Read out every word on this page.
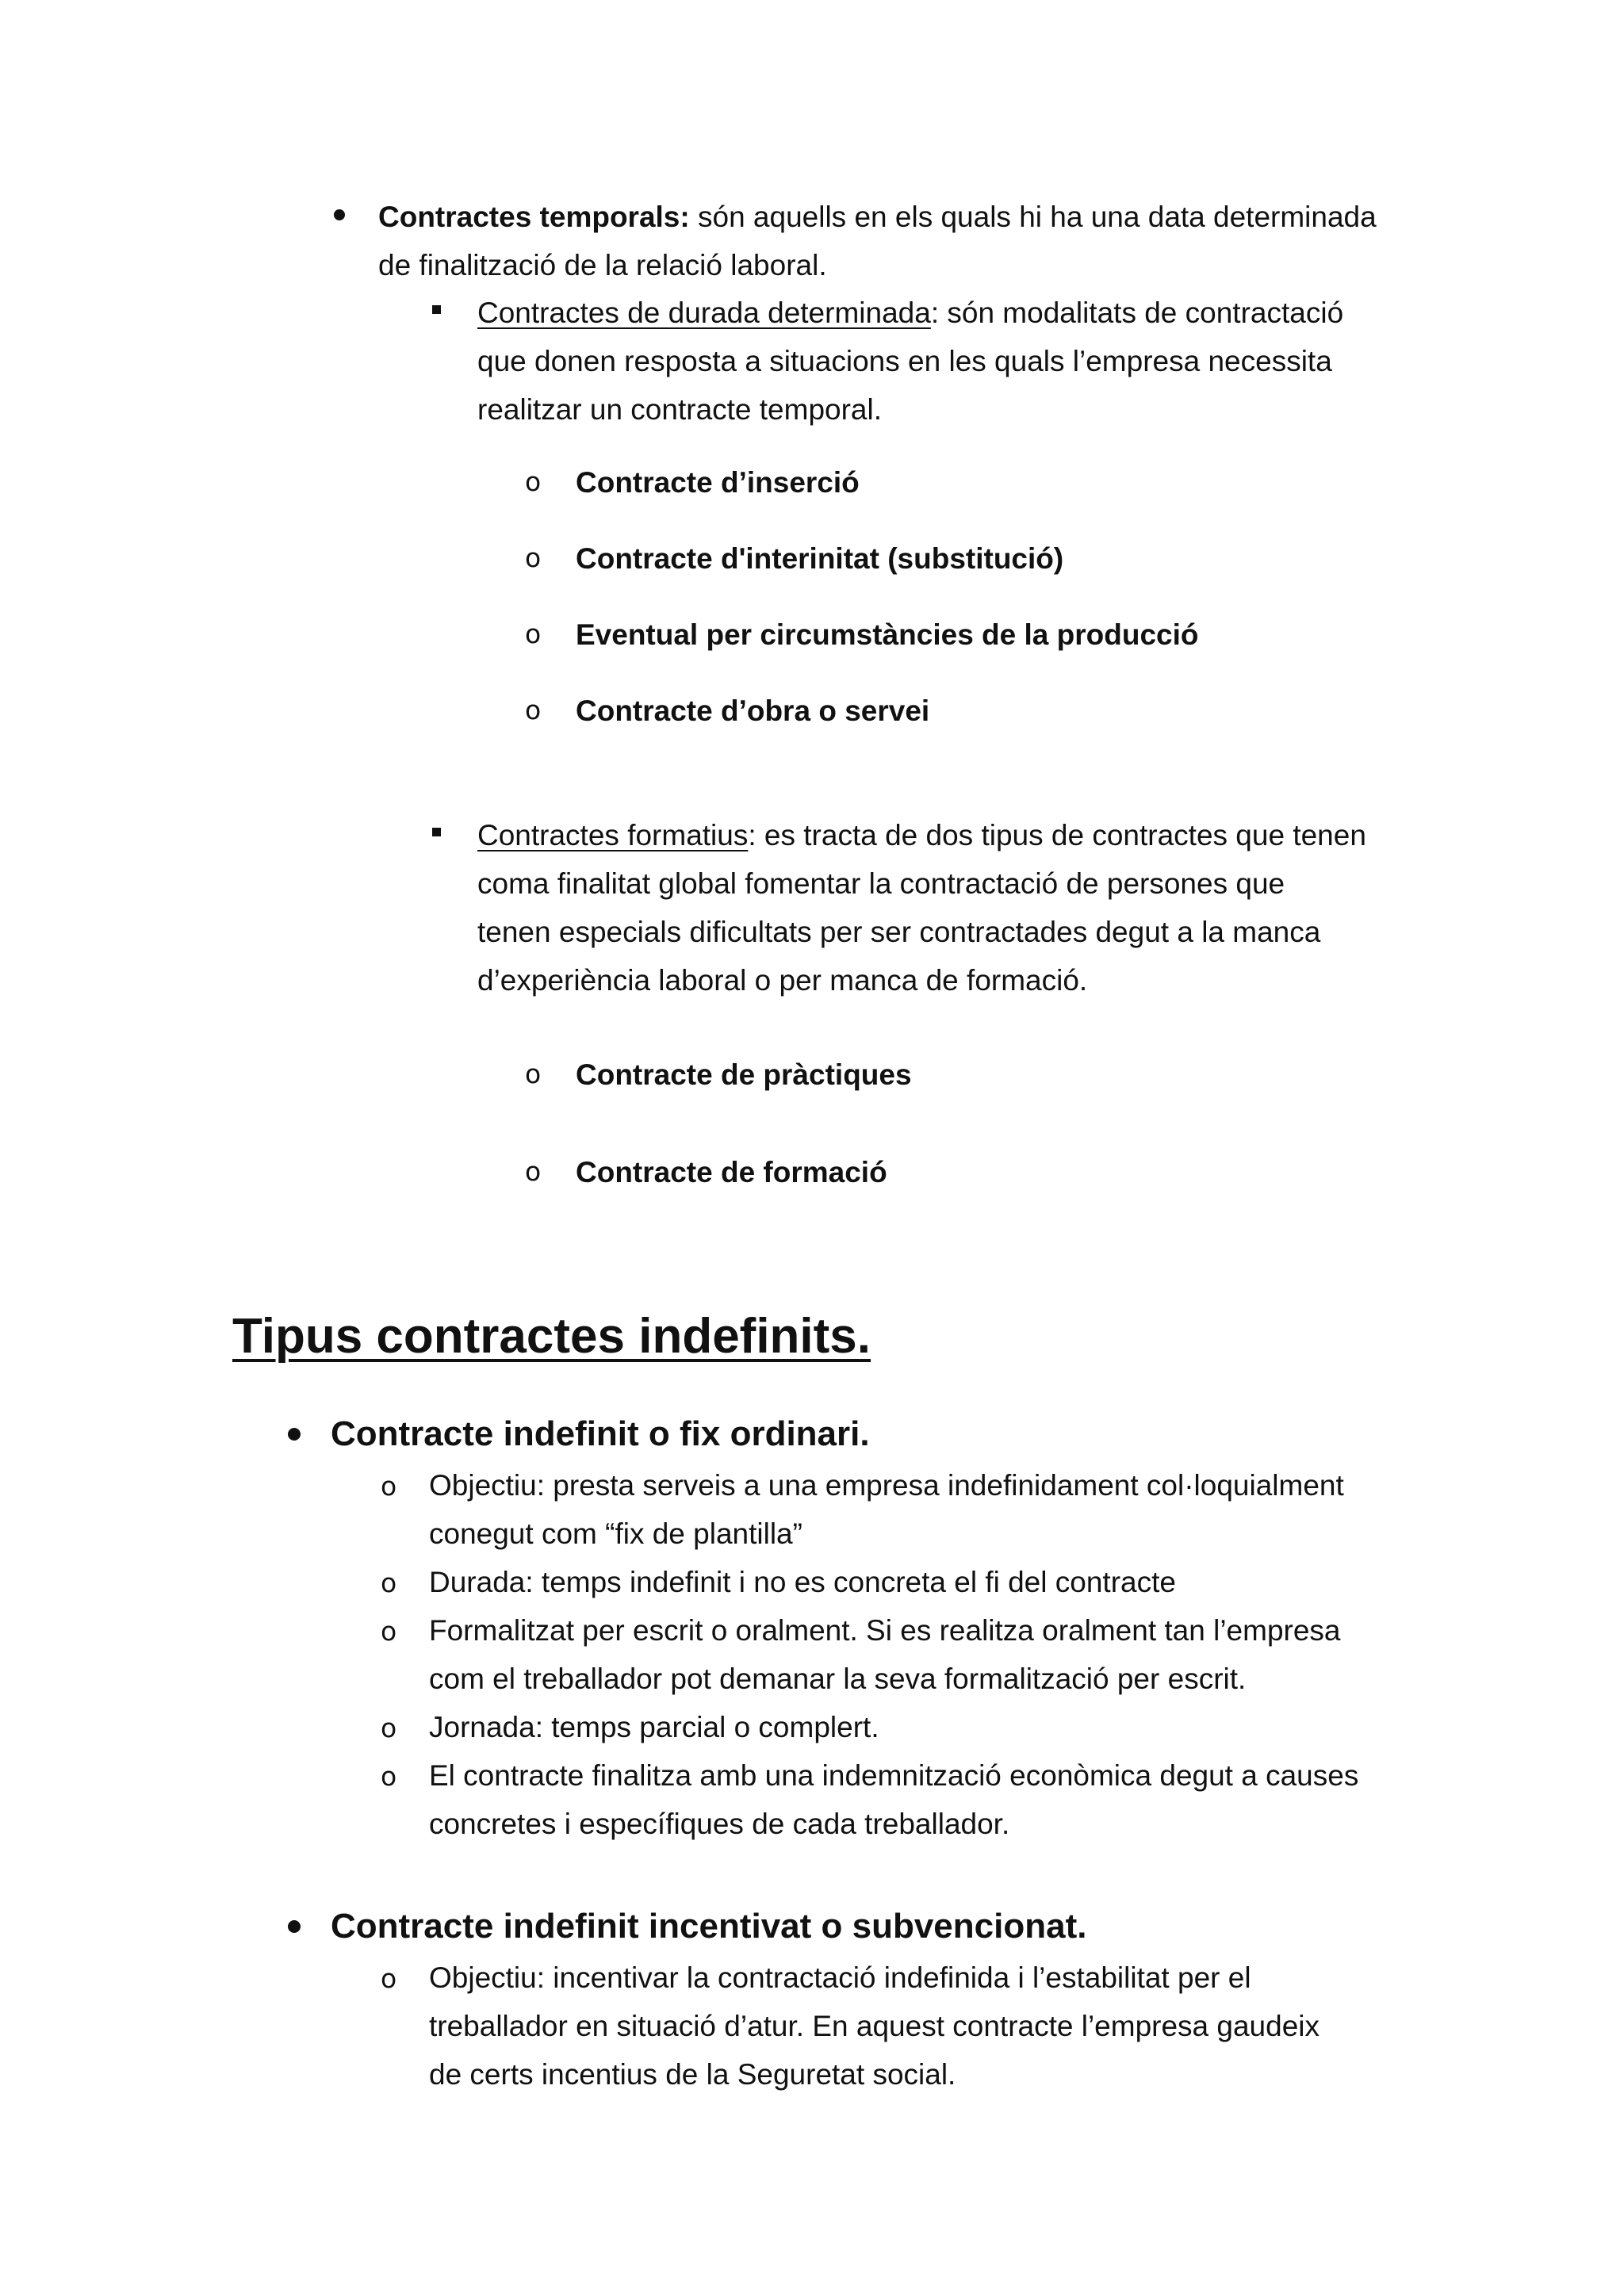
Contractes temporals: són aquells en els quals hi ha una data determinada
de finalització de la relació laboral.
Contractes de durada determinada: són modalitats de contractació
que donen resposta a situacions en les quals l’empresa necessita
realitzar un contracte temporal.
o Contracte d’inserció
o Contracte d'interinitat (substitució)
o Eventual per circumstàncies de la producció
o Contracte d’obra o servei
Contractes formatius: es tracta de dos tipus de contractes que tenen
coma finalitat global fomentar la contractació de persones que
tenen especials dificultats per ser contractades degut a la manca
d’experiència laboral o per manca de formació.
o Contracte de pràctiques
o Contracte de formació
Tipus contractes indefinits.
Contracte indefinit o fix ordinari.
o Objectiu: presta serveis a una empresa indefinidament col·loquialment
conegut com “fix de plantilla”
o Durada: temps indefinit i no es concreta el fi del contracte
o Formalitzat per escrit o oralment. Si es realitza oralment tan l’empresa
com el treballador pot demanar la seva formalització per escrit.
o Jornada: temps parcial o complert.
o El contracte finalitza amb una indemnització econòmica degut a causes
concretes i específiques de cada treballador.
Contracte indefinit incentivat o subvencionat.
o Objectiu: incentivar la contractació indefinida i l’estabilitat per el
treballador en situació d’atur. En aquest contracte l’empresa gaudeix
de certs incentius de la Seguretat social.
